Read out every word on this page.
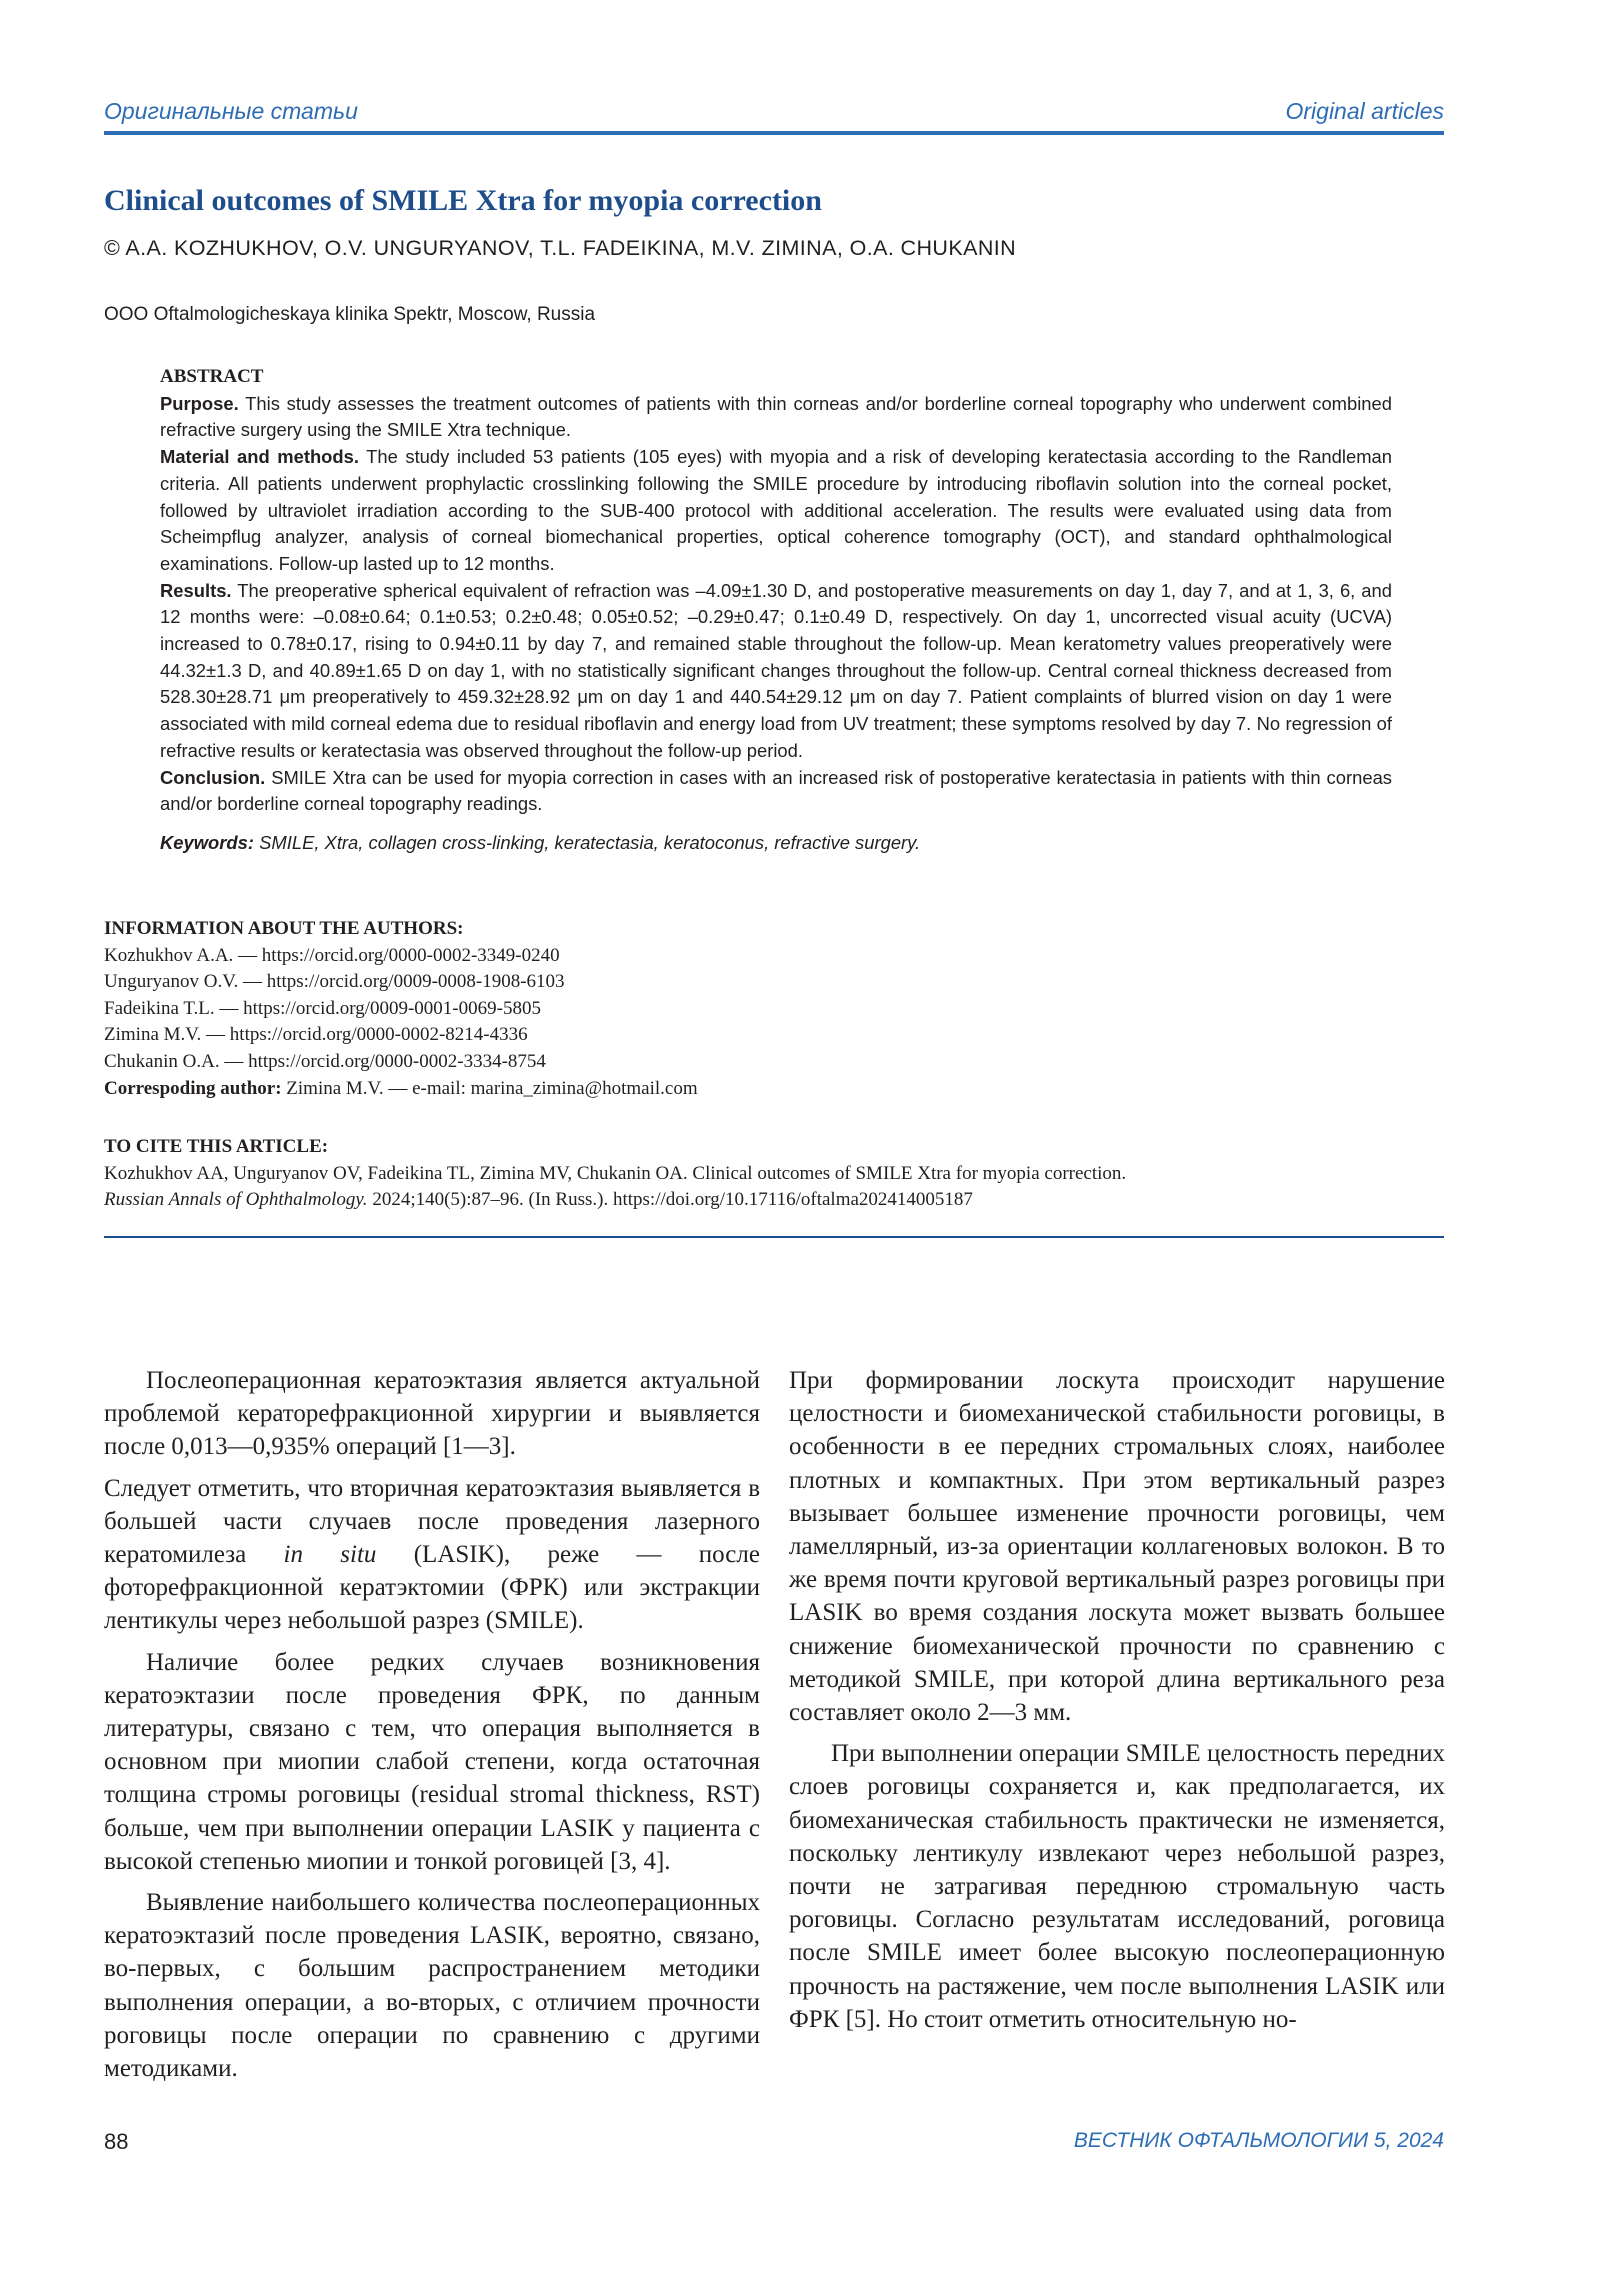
Оригинальные статьи	Original articles
Clinical outcomes of SMILE Xtra for myopia correction
© A.A. KOZHUKHOV, O.V. UNGURYANOV, T.L. FADEIKINA, M.V. ZIMINA, O.A. CHUKANIN
OOO Oftalmologicheskaya klinika Spektr, Moscow, Russia
ABSTRACT

Purpose. This study assesses the treatment outcomes of patients with thin corneas and/or borderline corneal topography who underwent combined refractive surgery using the SMILE Xtra technique.

Material and methods. The study included 53 patients (105 eyes) with myopia and a risk of developing keratectasia according to the Randleman criteria. All patients underwent prophylactic crosslinking following the SMILE procedure by introducing riboflavin solution into the corneal pocket, followed by ultraviolet irradiation according to the SUB-400 protocol with additional acceleration. The results were evaluated using data from Scheimpflug analyzer, analysis of corneal biomechanical properties, optical coherence tomography (OCT), and standard ophthalmological examinations. Follow-up lasted up to 12 months.

Results. The preoperative spherical equivalent of refraction was –4.09±1.30 D, and postoperative measurements on day 1, day 7, and at 1, 3, 6, and 12 months were: –0.08±0.64; 0.1±0.53; 0.2±0.48; 0.05±0.52; –0.29±0.47; 0.1±0.49 D, respectively. On day 1, uncorrected visual acuity (UCVA) increased to 0.78±0.17, rising to 0.94±0.11 by day 7, and remained stable throughout the follow-up. Mean keratometry values preoperatively were 44.32±1.3 D, and 40.89±1.65 D on day 1, with no statistically significant changes throughout the follow-up. Central corneal thickness decreased from 528.30±28.71 μm preoperatively to 459.32±28.92 μm on day 1 and 440.54±29.12 μm on day 7. Patient complaints of blurred vision on day 1 were associated with mild corneal edema due to residual riboflavin and energy load from UV treatment; these symptoms resolved by day 7. No regression of refractive results or keratectasia was observed throughout the follow-up period.

Conclusion. SMILE Xtra can be used for myopia correction in cases with an increased risk of postoperative keratectasia in patients with thin corneas and/or borderline corneal topography readings.

Keywords: SMILE, Xtra, collagen cross-linking, keratectasia, keratoconus, refractive surgery.

INFORMATION ABOUT THE AUTHORS:
Kozhukhov A.A. — https://orcid.org/0000-0002-3349-0240
Unguryanov O.V. — https://orcid.org/0009-0008-1908-6103
Fadeikina T.L. — https://orcid.org/0009-0001-0069-5805
Zimina M.V. — https://orcid.org/0000-0002-8214-4336
Chukanin O.A. — https://orcid.org/0000-0002-3334-8754
Correspoding author: Zimina M.V. — e-mail: marina_zimina@hotmail.com
TO CITE THIS ARTICLE:
Kozhukhov AA, Unguryanov OV, Fadeikina TL, Zimina MV, Chukanin OA. Clinical outcomes of SMILE Xtra for myopia correction.
Russian Annals of Ophthalmology. 2024;140(5):87–96. (In Russ.). https://doi.org/10.17116/oftalma202414005187

Послеоперационная кератоэктазия является актуальной проблемой кераторефракционной хирургии и выявляется после 0,013—0,935% операций [1—3].

Следует отметить, что вторичная кератоэктазия выявляется в большей части случаев после проведения лазерного кератомилеза in situ (LASIK), реже — после фоторефракционной кератэктомии (ФРК) или экстракции лентикулы через небольшой разрез (SMILE).

Наличие более редких случаев возникновения кератоэктазии после проведения ФРК, по данным литературы, связано с тем, что операция выполняется в основном при миопии слабой степени, когда остаточная толщина стромы роговицы (residual stromal thickness, RST) больше, чем при выполнении операции LASIK у пациента с высокой степенью миопии и тонкой роговицей [3, 4].

Выявление наибольшего количества послеоперационных кератоэктазий после проведения LASIK, вероятно, связано, во-первых, с большим распространением методики выполнения операции, а во-вторых, с отличием прочности роговицы после операции по сравнению с другими методиками.

При формировании лоскута происходит нарушение целостности и биомеханической стабильности роговицы, в особенности в ее передних стромальных слоях, наиболее плотных и компактных. При этом вертикальный разрез вызывает большее изменение прочности роговицы, чем ламеллярный, из-за ориентации коллагеновых волокон. В то же время почти круговой вертикальный разрез роговицы при LASIK во время создания лоскута может вызвать большее снижение биомеханической прочности по сравнению с методикой SMILE, при которой длина вертикального реза составляет около 2—3 мм.

При выполнении операции SMILE целостность передних слоев роговицы сохраняется и, как предполагается, их биомеханическая стабильность практически не изменяется, поскольку лентикулу извлекают через небольшой разрез, почти не затрагивая переднюю стромальную часть роговицы. Согласно результатам исследований, роговица после SMILE имеет более высокую послеоперационную прочность на растяжение, чем после выполнения LASIK или ФРК [5]. Но стоит отметить относительную но-

88	ВЕСТНИК ОФТАЛЬМОЛОГИИ 5, 2024
